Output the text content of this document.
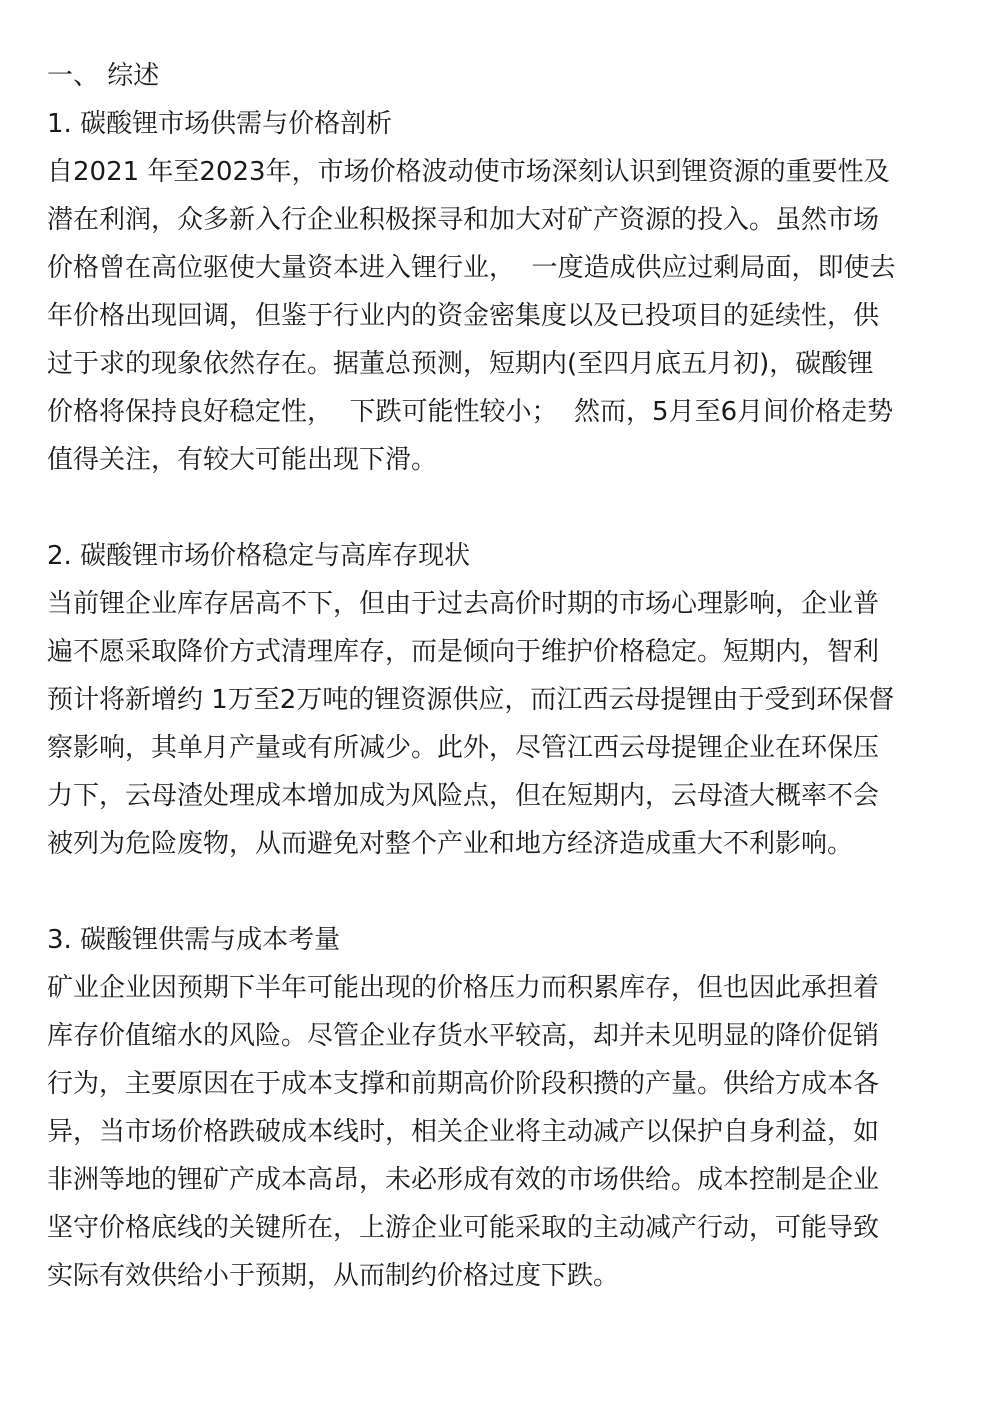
一、 综述

1. 碳酸锂市场供需与价格剖析

自2021 年至2023年，市场价格波动使市场深刻认识到锂资源的重要性及

潜在利润，众多新入行企业积极探寻和加大对矿产资源的投入。虽然市场

价格曾在高位驱使大量资本进入锂行业，  一度造成供应过剩局面，即使去

年价格出现回调，但鉴于行业内的资金密集度以及已投项目的延续性，供

过于求的现象依然存在。据董总预测，短期内(至四月底五月初)，碳酸锂

价格将保持良好稳定性，  下跌可能性较小；  然而，5月至6月间价格走势

值得关注，有较大可能出现下滑。

2. 碳酸锂市场价格稳定与高库存现状

当前锂企业库存居高不下，但由于过去高价时期的市场心理影响，企业普

遍不愿采取降价方式清理库存，而是倾向于维护价格稳定。短期内，智利

预计将新增约 1万至2万吨的锂资源供应，而江西云母提锂由于受到环保督

察影响，其单月产量或有所减少。此外，尽管江西云母提锂企业在环保压

力下，云母渣处理成本增加成为风险点，但在短期内，云母渣大概率不会

被列为危险废物，从而避免对整个产业和地方经济造成重大不利影响。

3. 碳酸锂供需与成本考量

矿业企业因预期下半年可能出现的价格压力而积累库存，但也因此承担着

库存价值缩水的风险。尽管企业存货水平较高，却并未见明显的降价促销

行为，主要原因在于成本支撑和前期高价阶段积攒的产量。供给方成本各

异，当市场价格跌破成本线时，相关企业将主动减产以保护自身利益，如

非洲等地的锂矿产成本高昂，未必形成有效的市场供给。成本控制是企业

坚守价格底线的关键所在，上游企业可能采取的主动减产行动，可能导致

实际有效供给小于预期，从而制约价格过度下跌。
